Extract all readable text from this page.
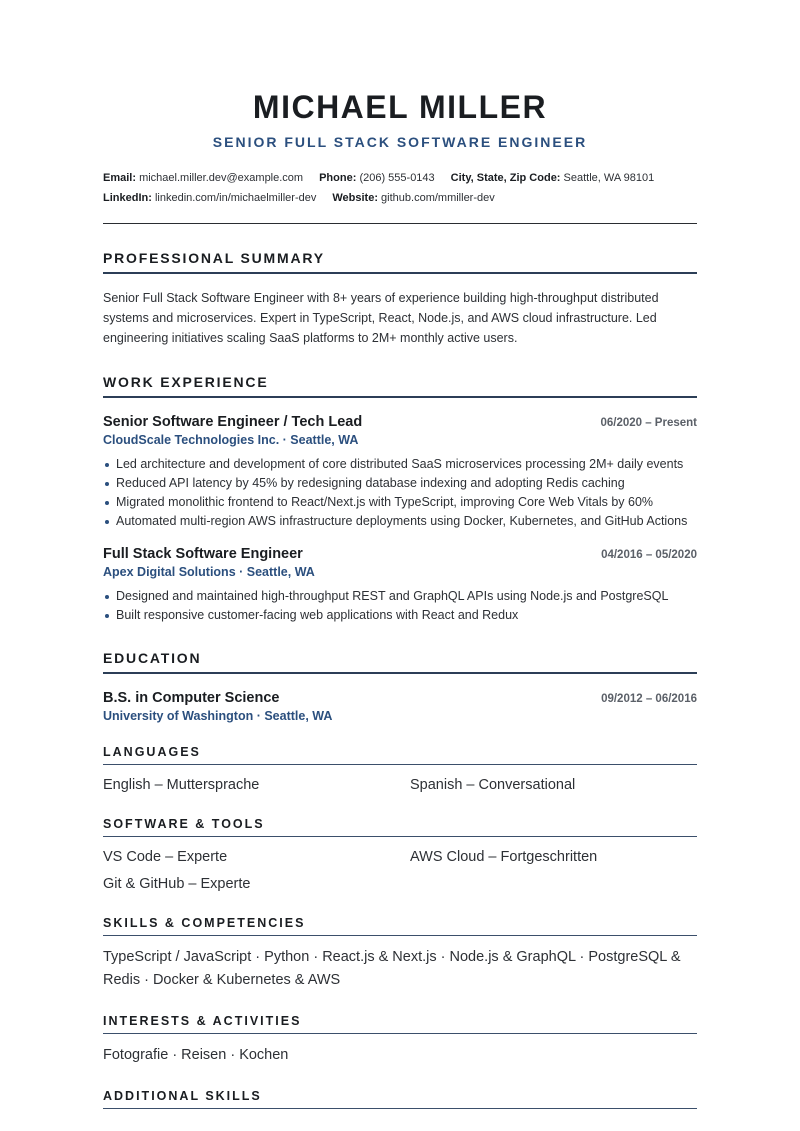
MICHAEL MILLER
SENIOR FULL STACK SOFTWARE ENGINEER
Email: michael.miller.dev@example.com Phone: (206) 555-0143 City, State, Zip Code: Seattle, WA 98101
LinkedIn: linkedin.com/in/michaelmiller-dev Website: github.com/mmiller-dev
PROFESSIONAL SUMMARY

Senior Full Stack Software Engineer with 8+ years of experience building high-throughput distributed systems and microservices. Expert in TypeScript, React, Node.js, and AWS cloud infrastructure. Led engineering initiatives scaling SaaS platforms to 2M+ monthly active users.

WORK EXPERIENCE
Senior Software Engineer / Tech Lead	06/2020 – Present
CloudScale Technologies Inc. · Seattle, WA
Led architecture and development of core distributed SaaS microservices processing 2M+ daily events
Reduced API latency by 45% by redesigning database indexing and adopting Redis caching
Migrated monolithic frontend to React/Next.js with TypeScript, improving Core Web Vitals by 60%
Automated multi-region AWS infrastructure deployments using Docker, Kubernetes, and GitHub Actions
Full Stack Software Engineer	04/2016 – 05/2020
Apex Digital Solutions · Seattle, WA
Designed and maintained high-throughput REST and GraphQL APIs using Node.js and PostgreSQL
Built responsive customer-facing web applications with React and Redux
EDUCATION
B.S. in Computer Science	09/2012 – 06/2016
University of Washington · Seattle, WA
LANGUAGES
English – Muttersprache	Spanish – Conversational
SOFTWARE & TOOLS
VS Code – Experte	AWS Cloud – Fortgeschritten
Git & GitHub – Experte
SKILLS & COMPETENCIES

TypeScript / JavaScript · Python · React.js & Next.js · Node.js & GraphQL · PostgreSQL & Redis · Docker & Kubernetes & AWS

INTERESTS & ACTIVITIES

Fotografie · Reisen · Kochen

ADDITIONAL SKILLS
